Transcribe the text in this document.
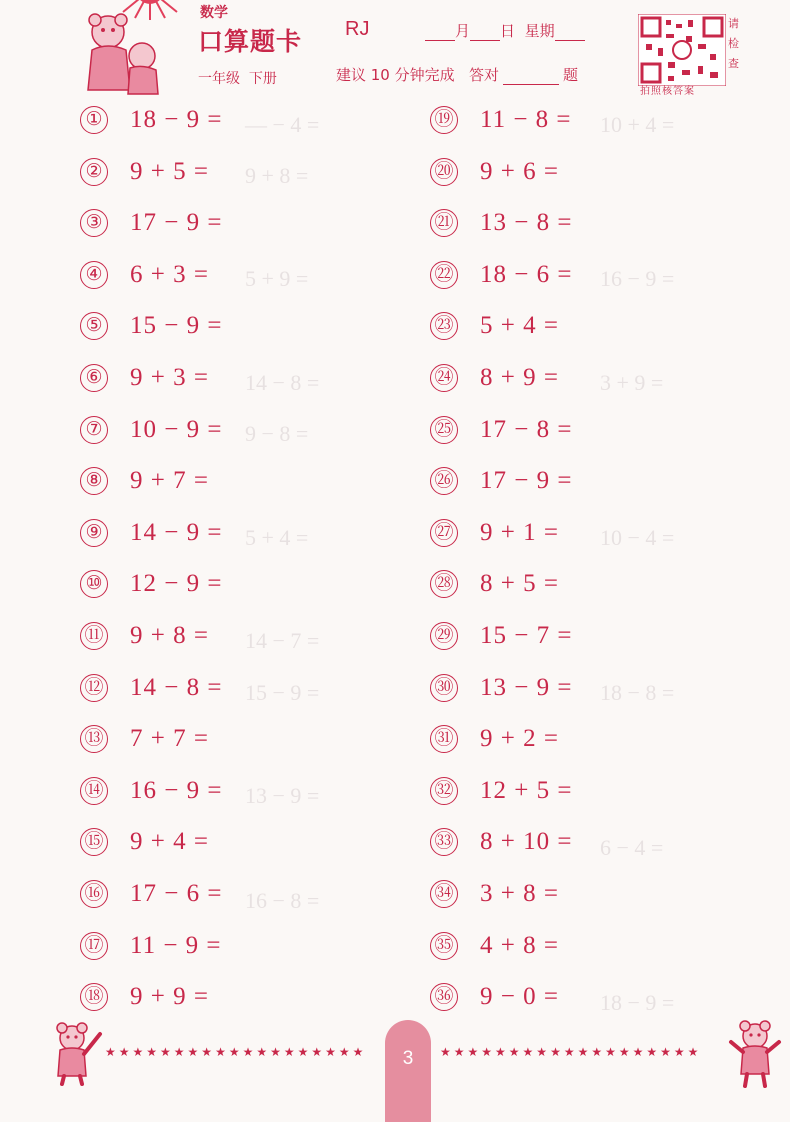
— − 4 =
9 + 8 =
5 + 9 =
14 − 8 =
9 − 8 =
5 + 4 =
14 − 7 =
15 − 9 =
13 − 9 =
16 − 8 =
10 + 4 =
16 − 9 =
3 + 9 =
10 − 4 =
18 − 8 =
6 − 4 =
18 − 9 =
数学
口算题卡
一年级 下册
RJ	月 日 星期
建议 10 分钟完成 答对	题
请
检
查
拍照核答案
① 18 − 9 =
② 9 + 5 =
③ 17 − 9 =
④ 6 + 3 =
⑤ 15 − 9 =
⑥ 9 + 3 =
⑦ 10 − 9 =
⑧ 9 + 7 =
⑨ 14 − 9 =
⑩ 12 − 9 =
⑪ 9 + 8 =
⑫ 14 − 8 =
⑬ 7 + 7 =
⑭ 16 − 9 =
⑮ 9 + 4 =
⑯ 17 − 6 =
⑰ 11 − 9 =
⑱ 9 + 9 =
⑲ 11 − 8 =
⑳ 9 + 6 =
㉑ 13 − 8 =
㉒ 18 − 6 =
㉓ 5 + 4 =
㉔ 8 + 9 =
㉕ 17 − 8 =
㉖ 17 − 9 =
㉗ 9 + 1 =
㉘ 8 + 5 =
㉙ 15 − 7 =
㉚ 13 − 9 =
㉛ 9 + 2 =
㉜ 12 + 5 =
㉝ 8 + 10 =
㉞ 3 + 8 =
㉟ 4 + 8 =
㊱ 9 − 0 =
3
★★★★★★★★★★★★★★★★★★★	★★★★★★★★★★★★★★★★★★★
